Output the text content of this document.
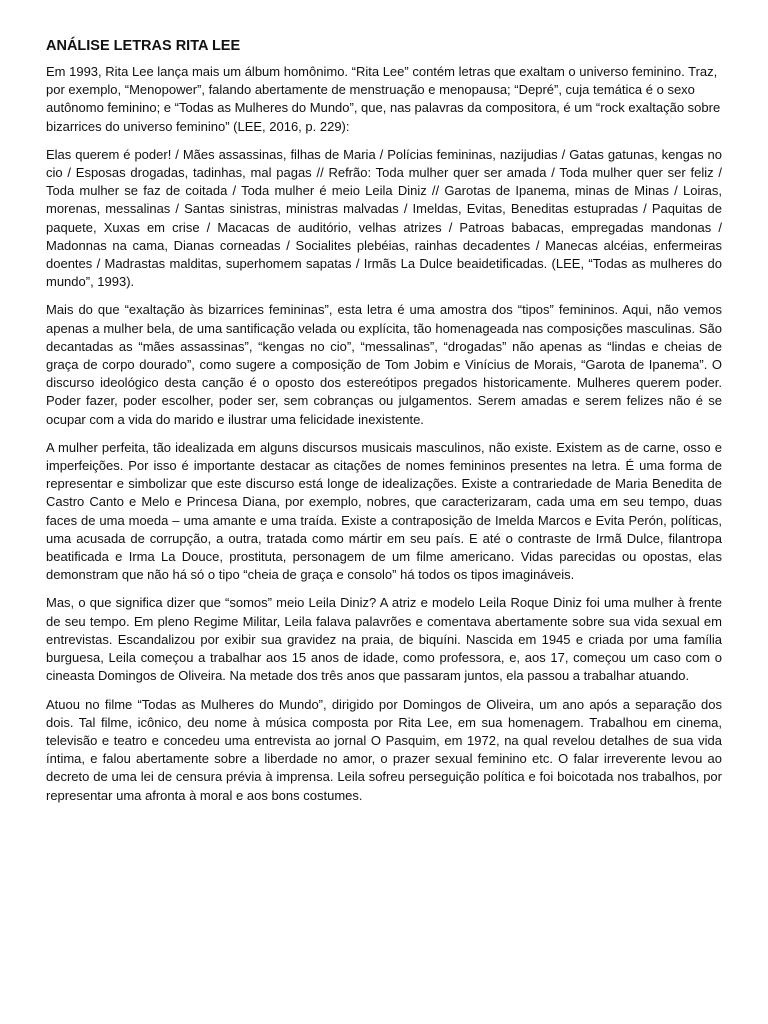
ANÁLISE LETRAS RITA LEE

Em 1993, Rita Lee lança mais um álbum homônimo. “Rita Lee” contém letras que exaltam o universo feminino. Traz, por exemplo, “Menopower”, falando abertamente de menstruação e menopausa; “Depré”, cuja temática é o sexo autônomo feminino; e “Todas as Mulheres do Mundo”, que, nas palavras da compositora, é um “rock exaltação sobre bizarrices do universo feminino” (LEE, 2016, p. 229):

Elas querem é poder! / Mães assassinas, filhas de Maria / Polícias femininas, nazijudias / Gatas gatunas, kengas no cio / Esposas drogadas, tadinhas, mal pagas // Refrão: Toda mulher quer ser amada / Toda mulher quer ser feliz / Toda mulher se faz de coitada / Toda mulher é meio Leila Diniz // Garotas de Ipanema, minas de Minas / Loiras, morenas, messalinas / Santas sinistras, ministras malvadas / Imeldas, Evitas, Beneditas estupradas / Paquitas de paquete, Xuxas em crise / Macacas de auditório, velhas atrizes / Patroas babacas, empregadas mandonas / Madonnas na cama, Dianas corneadas / Socialites plebéias, rainhas decadentes / Manecas alcéias, enfermeiras doentes / Madrastas malditas, superhomem sapatas / Irmãs La Dulce beaidetificadas. (LEE, “Todas as mulheres do mundo”, 1993).

Mais do que “exaltação às bizarrices femininas”, esta letra é uma amostra dos “tipos” femininos. Aqui, não vemos apenas a mulher bela, de uma santificação velada ou explícita, tão homenageada nas composições masculinas. São decantadas as “mães assassinas”, “kengas no cio”, “messalinas”, “drogadas” não apenas as “lindas e cheias de graça de corpo dourado”, como sugere a composição de Tom Jobim e Vinícius de Morais, “Garota de Ipanema”. O discurso ideológico desta canção é o oposto dos estereótipos pregados historicamente. Mulheres querem poder. Poder fazer, poder escolher, poder ser, sem cobranças ou julgamentos. Serem amadas e serem felizes não é se ocupar com a vida do marido e ilustrar uma felicidade inexistente.

A mulher perfeita, tão idealizada em alguns discursos musicais masculinos, não existe. Existem as de carne, osso e imperfeições. Por isso é importante destacar as citações de nomes femininos presentes na letra. É uma forma de representar e simbolizar que este discurso está longe de idealizações. Existe a contrariedade de Maria Benedita de Castro Canto e Melo e Princesa Diana, por exemplo, nobres, que caracterizaram, cada uma em seu tempo, duas faces de uma moeda – uma amante e uma traída. Existe a contraposição de Imelda Marcos e Evita Perón, políticas, uma acusada de corrupção, a outra, tratada como mártir em seu país. E até o contraste de Irmã Dulce, filantropa beatificada e Irma La Douce, prostituta, personagem de um filme americano. Vidas parecidas ou opostas, elas demonstram que não há só o tipo “cheia de graça e consolo” há todos os tipos imagináveis.

Mas, o que significa dizer que “somos” meio Leila Diniz? A atriz e modelo Leila Roque Diniz foi uma mulher à frente de seu tempo. Em pleno Regime Militar, Leila falava palavrões e comentava abertamente sobre sua vida sexual em entrevistas. Escandalizou por exibir sua gravidez na praia, de biquíni. Nascida em 1945 e criada por uma família burguesa, Leila começou a trabalhar aos 15 anos de idade, como professora, e, aos 17, começou um caso com o cineasta Domingos de Oliveira. Na metade dos três anos que passaram juntos, ela passou a trabalhar atuando.

Atuou no filme “Todas as Mulheres do Mundo”, dirigido por Domingos de Oliveira, um ano após a separação dos dois. Tal filme, icônico, deu nome à música composta por Rita Lee, em sua homenagem. Trabalhou em cinema, televisão e teatro e concedeu uma entrevista ao jornal O Pasquim, em 1972, na qual revelou detalhes de sua vida íntima, e falou abertamente sobre a liberdade no amor, o prazer sexual feminino etc. O falar irreverente levou ao decreto de uma lei de censura prévia à imprensa. Leila sofreu perseguição política e foi boicotada nos trabalhos, por representar uma afronta à moral e aos bons costumes.
